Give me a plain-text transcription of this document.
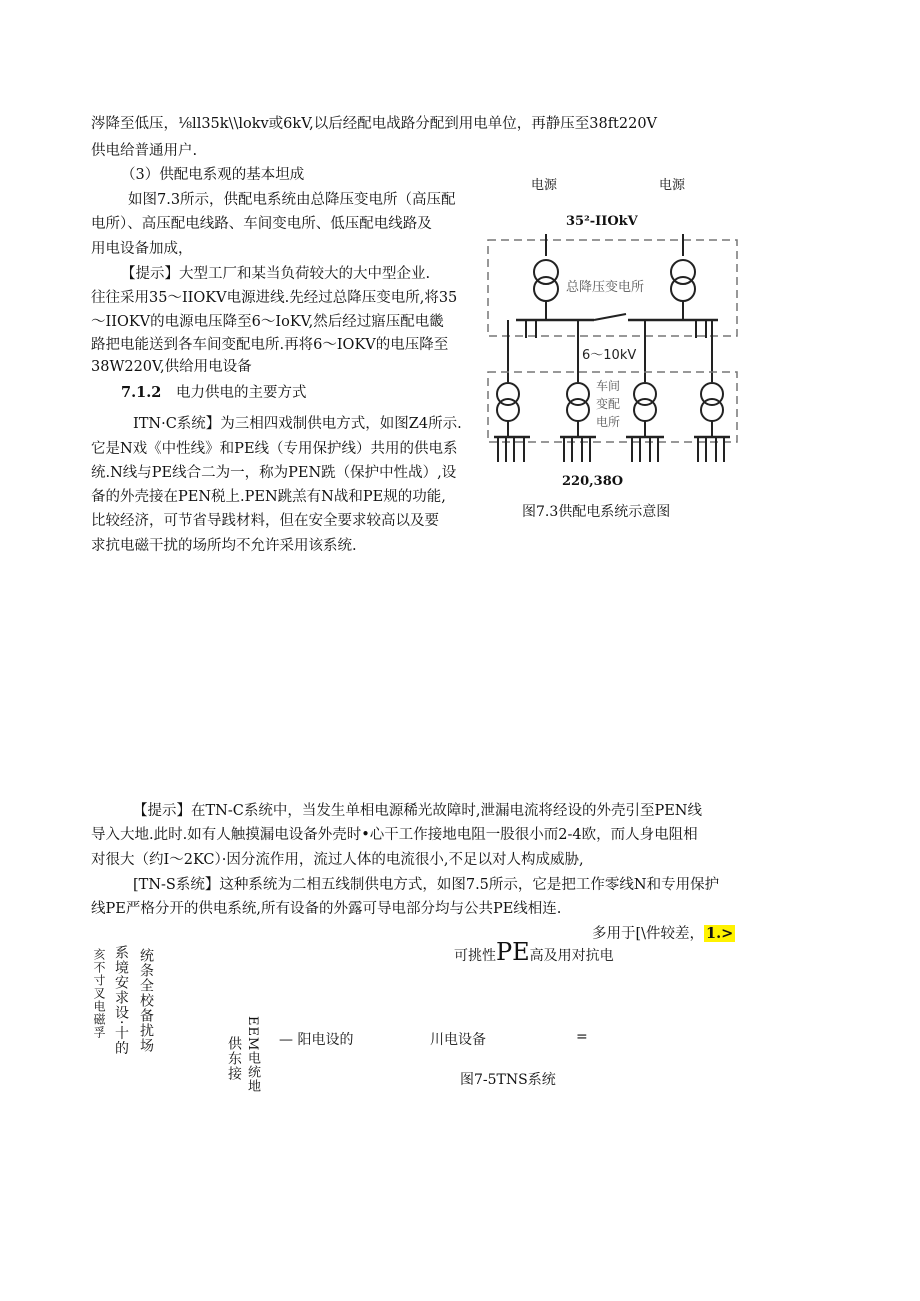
涔降至低压，⅛ll35k\\lokv或6kV,以后经配电战路分配到用电单位，再静压至38ft220V
供电给普通用户.
（3）供配电系观的基本坦成
如图7.3所示，供配电系统由总降压变电所（高压配
电所）、高压配电线路、车间变电所、低压配电线路及
用电设备加成，
【提示】大型工厂和某当负荷较大的大中型企业.
往往采用35～IIOKV电源进线.先经过总降压变电所,将35
～IIOKV的电源电压降至6～IoKV,然后经过寤压配电畿
路把电能送到各车间变配电所.再将6～IOKV的电压降至
38W220V,供给用电设备
7.1.2 电力供电的主要方式
ITN·C系统】为三相四戏制供电方式，如图Z4所示.
它是N戏《中性线》和PE线（专用保护线）共用的供电系
统.N线与PE线合二为一，称为PEN跣（保护中性战）,设
备的外壳接在PEN税上.PEN跳羔有N战和PE规的功能,
比较经济，可节省导践材料，但在安全要求较高以及要
求抗电磁干扰的场所均不允许采用该系统.
电源	电源
35²-IIOkV
总降压变电所
6～10kV
车间
变配
电所
220,38O
图7.3供配电系统示意图
【提示】在TN-C系统中，当发生单相电源稀光故障时,泄漏电流将经设的外壳引至PEN线
导入大地.此时.如有人触摸漏电设备外壳时•心干工作接地电阻一股很小而2-4欧，而人身电阻相
对很大（约I～2KC）·因分流作用，流过人体的电流很小,不足以对人构成威胁,
[TN-S系统】这种系统为二相五线制供电方式，如图7.5所示，它是把工作零线N和专用保护
线PE严格分开的供电系统,所有设备的外露可导电部分均与公共PE线相连.
多用于[\件较差， 1.>
可挑性PE高及用对抗电
亥不寸叉电磁孚 系境安求设·十的 统条全校备扰场
EEM电统地
供东接	— 阳电设的	川电设备	=
图7-5TNS系统
